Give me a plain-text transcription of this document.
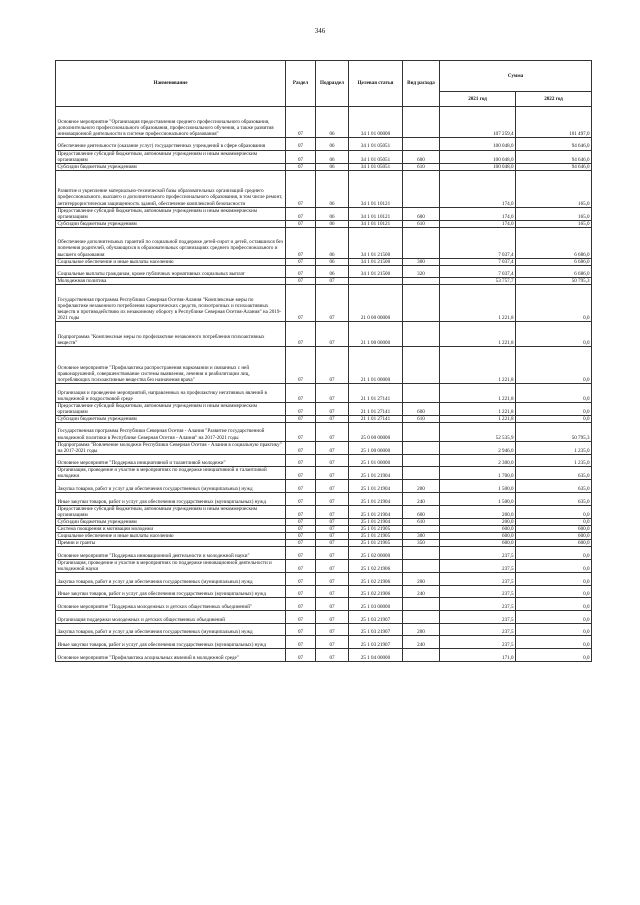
346
Наименование	Раздел	Подраздел	Целевая статья	Вид расхода	Сумма	
					2021 год	2022 год
Основное мероприятие "Организация предоставления среднего профессионального образования, дополнительного профессионального образования, профессионального обучения, а также развития инновационной деятельности в системе профессионального образования"	07	06	34 1 01 00000		107 259,4	101 497,0
Обеспечение деятельности (оказание услуг) государственных учреждений в сфере образования	07	06	34 1 01 05051		100 048,0	94 646,0
Предоставление субсидий бюджетным, автономным учреждениям и иным некоммерческим организациям	07	06	34 1 01 05051	600	100 048,0	94 646,0
Субсидии бюджетным учреждениям	07	06	34 1 01 05051	610	100 048,0	94 646,0
Развитие и укрепление материально-технической базы образовательных организаций среднего профессионального, высшего и дополнительного профессионального образования, в том числе ремонт, антитеррористическая защищенность зданий, обеспечение комплексной безопасности	07	06	34 1 01 10121		174,0	165,0
Предоставление субсидий бюджетным, автономным учреждениям и иным некоммерческим организациям	07	06	34 1 01 10121	600	174,0	165,0
Субсидии бюджетным учреждениям	07	06	34 1 01 10121	610	174,0	165,0
Обеспечение дополнительных гарантий по социальной поддержке детей-сирот и детей, оставшихся без попечения родителей, обучающихся в образовательных организациях среднего профессионального и высшего образования	07	06	34 1 01 21500		7 037,4	6 686,0
Социальное обеспечение и иные выплаты населению	07	06	34 1 01 21500	300	7 037,4	6 686,0
Социальные выплаты гражданам, кроме публичных нормативных социальных выплат	07	06	34 1 01 21500	320	7 037,4	6 686,0
Молодежная политика	07	07			53 757,7	50 795,3
Государственная программа Республики Северная Осетия-Алания "Комплексные меры по профилактике незаконного потребления наркотических средств, психотропных и психоактивных веществ и противодействию их незаконному обороту в Республике Северная Осетия-Алания" на 2019-2021 годы	07	07	21 0 00 00000		1 221,8	0,0
Подпрограмма "Комплексные меры по профилактике незаконного потребления психоактивных веществ"	07	07	21 1 00 00000		1 221,8	0,0
Основное мероприятие "Профилактика распространения наркомании и связанных с ней правонарушений, совершенствование системы выявления, лечения и реабилитации лиц, потребляющих психоактивные вещества без назначения врача"	07	07	21 1 01 00000		1 221,8	0,0
Организация и проведение мероприятий, направленных на профилактику негативных явлений в молодежной и подростковой среде	07	07	21 1 01 27141		1 221,8	0,0
Предоставление субсидий бюджетным, автономным учреждениям и иным некоммерческим организациям	07	07	21 1 01 27141	600	1 221,8	0,0
Субсидии бюджетным учреждениям	07	07	21 1 01 27141	610	1 221,8	0,0
Государственная программа Республики Северная Осетия - Алания "Развитие государственной молодежной политики в Республике Северная Осетия - Алания" на 2017-2021 годы	07	07	25 0 00 00000		52 535,9	50 795,3
Подпрограмма "Вовлечение молодежи Республики Северная Осетия - Алания в социальную практику" на 2017-2021 годы	07	07	25 1 00 00000		2 946,0	1 235,0
Основное мероприятие "Поддержка инициативной и талантливой молодежи"	07	07	25 1 01 00000		2 300,0	1 235,0
Организация, проведение и участие в мероприятиях по поддержке инициативной и талантливой молодежи	07	07	25 1 01 21904		1 700,0	635,0
Закупка товаров, работ и услуг для обеспечения государственных (муниципальных) нужд	07	07	25 1 01 21904	200	1 500,0	635,0
Иные закупки товаров, работ и услуг для обеспечения государственных (муниципальных) нужд	07	07	25 1 01 21904	240	1 500,0	635,0
Предоставление субсидий бюджетным, автономным учреждениям и иным некоммерческим организациям	07	07	25 1 01 21904	600	200,0	0,0
Субсидии бюджетным учреждениям	07	07	25 1 01 21904	610	200,0	0,0
Система поощрения и мотивации молодежи	07	07	25 1 01 21905		600,0	600,0
Социальное обеспечение и иные выплаты населению	07	07	25 1 01 21905	300	600,0	600,0
Премии и гранты	07	07	25 1 01 21905	350	600,0	600,0
Основное мероприятие "Поддержка инновационной деятельности и молодежной науки"	07	07	25 1 02 00000		237,5	0,0
Организация, проведение и участие в мероприятиях по поддержке инновационной деятельности и молодежной науки	07	07	25 1 02 21906		237,5	0,0
Закупка товаров, работ и услуг для обеспечения государственных (муниципальных) нужд	07	07	25 1 02 21906	200	237,5	0,0
Иные закупки товаров, работ и услуг для обеспечения государственных (муниципальных) нужд	07	07	25 1 02 21906	240	237,5	0,0
Основное мероприятие "Поддержка молодежных и детских общественных объединений"	07	07	25 1 03 00000		237,5	0,0
Организация поддержки молодежных и детских общественных объединений	07	07	25 1 03 21907		237,5	0,0
Закупка товаров, работ и услуг для обеспечения государственных (муниципальных) нужд	07	07	25 1 03 21907	200	237,5	0,0
Иные закупки товаров, работ и услуг для обеспечения государственных (муниципальных) нужд	07	07	25 1 03 21907	240	237,5	0,0
Основное мероприятие "Профилактика асоциальных явлений в молодежной среде"	07	07	25 1 04 00000		171,0	0,0
